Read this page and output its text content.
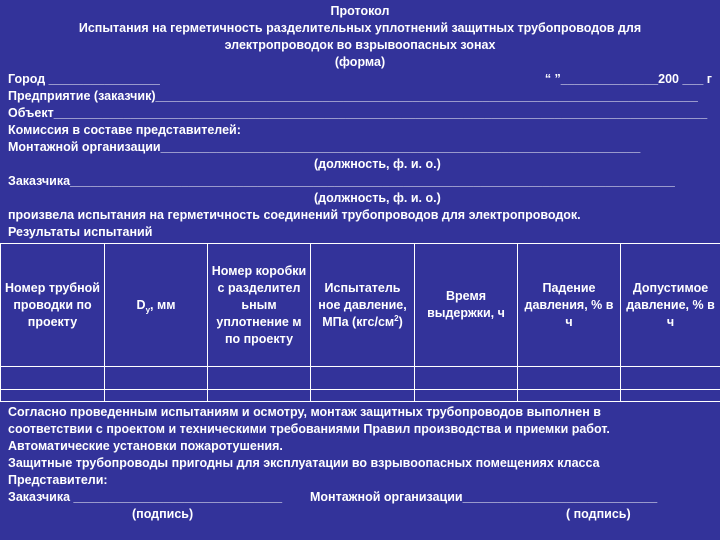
Протокол
Испытания на герметичность разделительных уплотнений защитных трубопроводов для
электропроводок во взрывоопасных зонах
(форма)
Город ________________	“ ”______________200 ___ г
Предприятие (заказчик)______________________________________________________________________________
Объект______________________________________________________________________________________________
Комиссия в составе представителей:
Монтажной организации_____________________________________________________________________
(должность, ф. и. о.)
Заказчика_______________________________________________________________________________________
(должность, ф. и. о.)
произвела испытания на герметичность соединений трубопроводов для электропроводок.
Результаты испытаний
Номер трубной проводки по проекту	$D_у$, мм	Номер коробки с разделител ьным уплотнение м по проекту	Испытатель ное давление, МПа $(кгс/см^2)$	Время выдержки, ч	Падение давления, % в ч	Допустимое давление, % в ч

Согласно проведенным испытаниям и осмотру, монтаж защитных трубопроводов выполнен в
соответствии с проектом и техническими требованиями Правил производства и приемки работ.
Автоматические установки пожаротушения.
Защитные трубопроводы пригодны для эксплуатации во взрывоопасных помещениях класса
Представители:
Заказчика ______________________________ Монтажной организации____________________________
(подпись)	( подпись)
